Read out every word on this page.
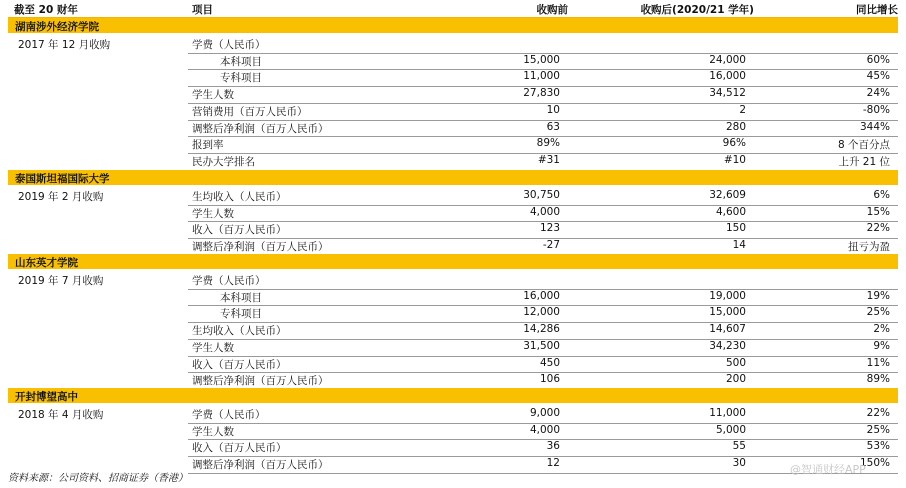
截至 20 财年	项目	收购前	收购后(2020/21 学年)	同比增长
湖南涉外经济学院
2017 年 12 月收购	学费（人民币）
本科项目	15,000	24,000	60%
专科项目	11,000	16,000	45%
学生人数	27,830	34,512	24%
营销费用（百万人民币）	10	2	-80%
调整后净利润（百万人民币）	63	280	344%
报到率	89%	96%	8 个百分点
民办大学排名	#31	#10	上升 21 位
泰国斯坦福国际大学
2019 年 2 月收购	生均收入（人民币）	30,750	32,609	6%
学生人数	4,000	4,600	15%
收入（百万人民币）	123	150	22%
调整后净利润（百万人民币）	-27	14	扭亏为盈
山东英才学院
2019 年 7 月收购	学费（人民币）
本科项目	16,000	19,000	19%
专科项目	12,000	15,000	25%
生均收入（人民币）	14,286	14,607	2%
学生人数	31,500	34,230	9%
收入（百万人民币）	450	500	11%
调整后净利润（百万人民币）	106	200	89%
开封博望高中
2018 年 4 月收购	学费（人民币）	9,000	11,000	22%
学生人数	4,000	5,000	25%
收入（百万人民币）	36	55	53%
调整后净利润（百万人民币）	12	30	150%
资料来源：公司资料、招商证券（香港）
@智通财经APP
